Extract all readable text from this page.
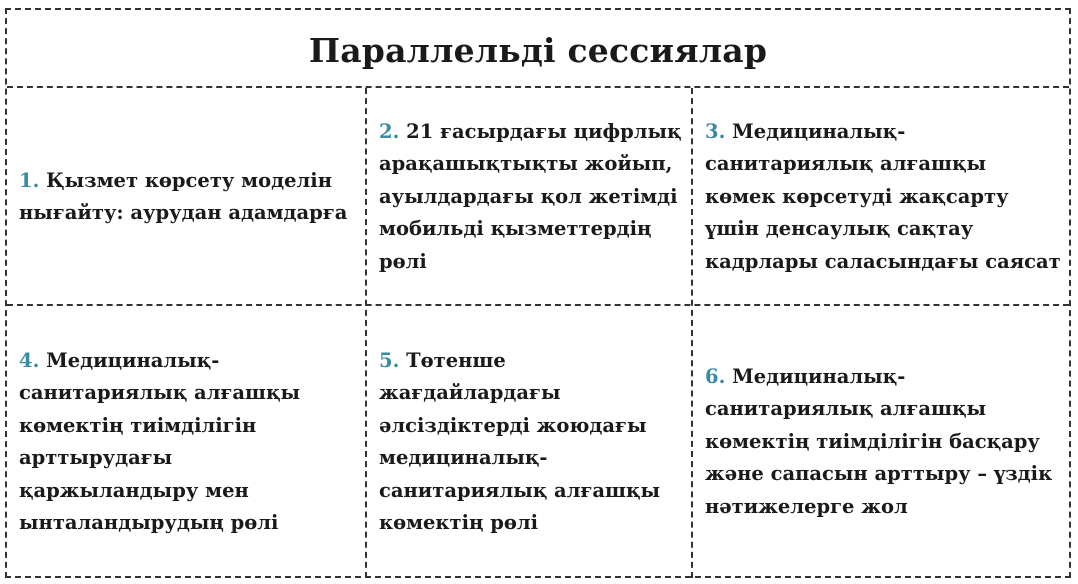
Параллельді сессиялар
1. Қызмет көрсету моделін нығайту: аурудан адамдарға
2. 21 ғасырдағы цифрлық арақашықтықты жойып, ауылдардағы қол жетімді мобильді қызметтердің рөлі
3. Медициналық-санитариялық алғашқы көмек көрсетуді жақсарту үшін денсаулық сақтау кадрлары саласындағы саясат
4. Медициналық-санитариялық алғашқы көмектің тиімділігін арттырудағы қаржыландыру мен ынталандырудың рөлі
5. Төтенше жағдайлардағы әлсіздіктерді жоюдағы медициналық-санитариялық алғашқы көмектің рөлі
6. Медициналық-санитариялық алғашқы көмектің тиімділігін басқару және сапасын арттыру – үздік нәтижелерге жол
